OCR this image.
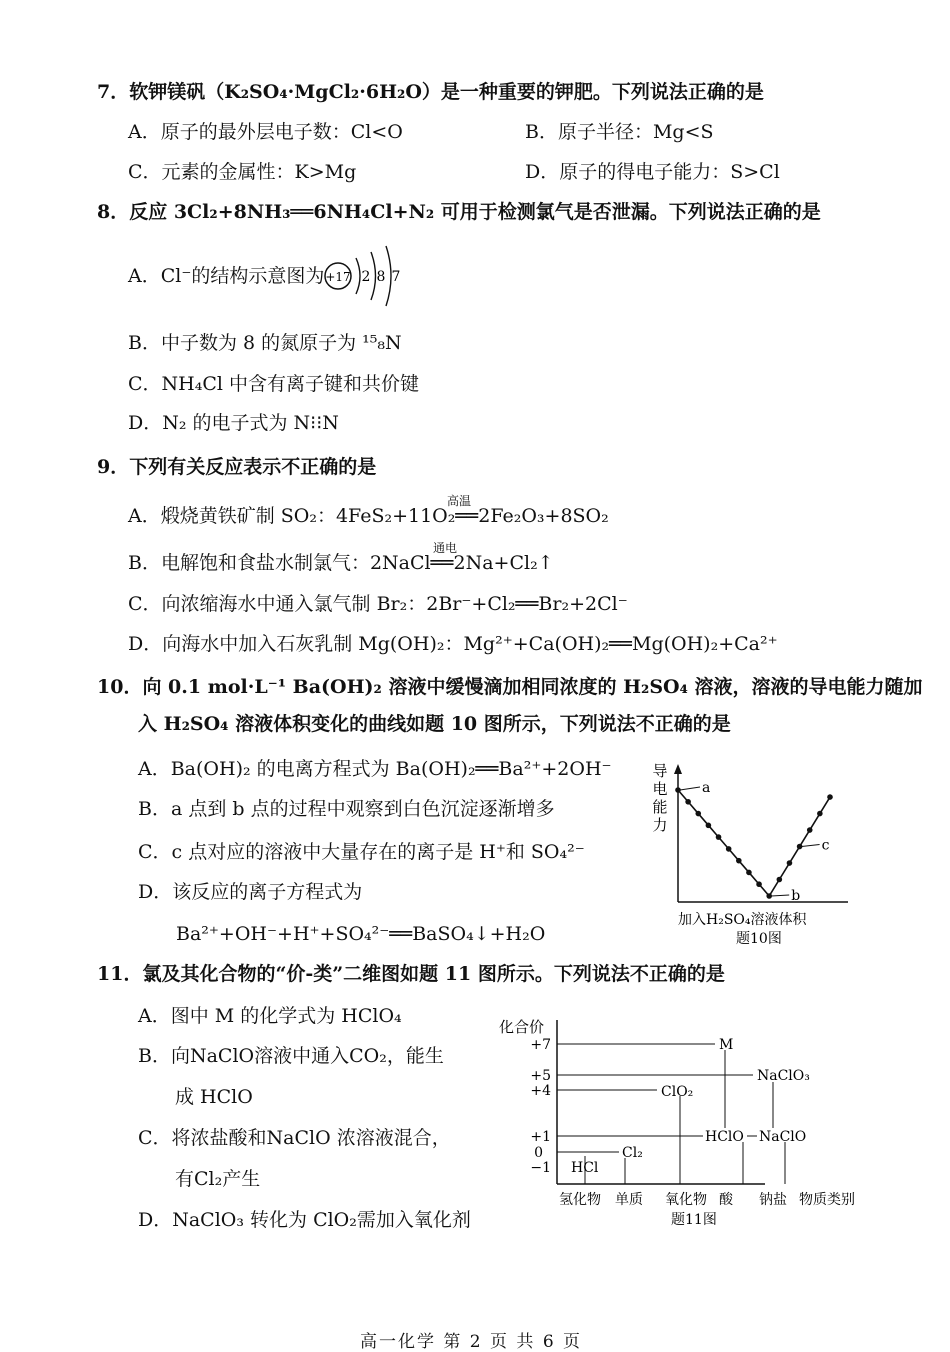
7．软钾镁矾（K₂SO₄·MgCl₂·6H₂O）是一种重要的钾肥。下列说法正确的是
A．原子的最外层电子数：Cl<O	B．原子半径：Mg<S
C．元素的金属性：K>Mg	D．原子的得电子能力：S>Cl
8．反应 3Cl₂+8NH₃══6NH₄Cl+N₂ 可用于检测氯气是否泄漏。下列说法正确的是
A．Cl⁻的结构示意图为 +17 2 8 7
B．中子数为 8 的氮原子为 ¹⁵₈N
C．NH₄Cl 中含有离子键和共价键
D．N₂ 的电子式为 N⁝⁝N
9．下列有关反应表示不正确的是
A．煅烧黄铁矿制 SO₂：4FeS₂+11O₂══2Fe₂O₃+8SO₂
高温
B．电解饱和食盐水制氯气：2NaCl══2Na+Cl₂↑
通电
C．向浓缩海水中通入氯气制 Br₂：2Br⁻+Cl₂══Br₂+2Cl⁻
D．向海水中加入石灰乳制 Mg(OH)₂：Mg²⁺+Ca(OH)₂══Mg(OH)₂+Ca²⁺
10．向 0.1 mol·L⁻¹ Ba(OH)₂ 溶液中缓慢滴加相同浓度的 H₂SO₄ 溶液，溶液的导电能力随加
入 H₂SO₄ 溶液体积变化的曲线如题 10 图所示，下列说法不正确的是
A．Ba(OH)₂ 的电离方程式为 Ba(OH)₂══Ba²⁺+2OH⁻
B．a 点到 b 点的过程中观察到白色沉淀逐渐增多
C．c 点对应的溶液中大量存在的离子是 H⁺和 SO₄²⁻
D．该反应的离子方程式为
Ba²⁺+OH⁻+H⁺+SO₄²⁻══BaSO₄↓+H₂O
导
电
能
力
a
b
c
加入H₂SO₄溶液体积
题10图
11．氯及其化合物的“价-类”二维图如题 11 图所示。下列说法不正确的是
A．图中 M 的化学式为 HClO₄
B．向NaClO溶液中通入CO₂，能生
成 HClO
C．将浓盐酸和NaClO 浓溶液混合，
有Cl₂产生
D．NaClO₃ 转化为 ClO₂需加入氧化剂
化合价
+7
+5
+4
+1
0
−1
M
NaClO₃
ClO₂
HClO NaClO
Cl₂
HCl
氢化物 单质 氧化物 酸 钠盐 物质类别
题11图
高一化学 第 2 页 共 6 页
